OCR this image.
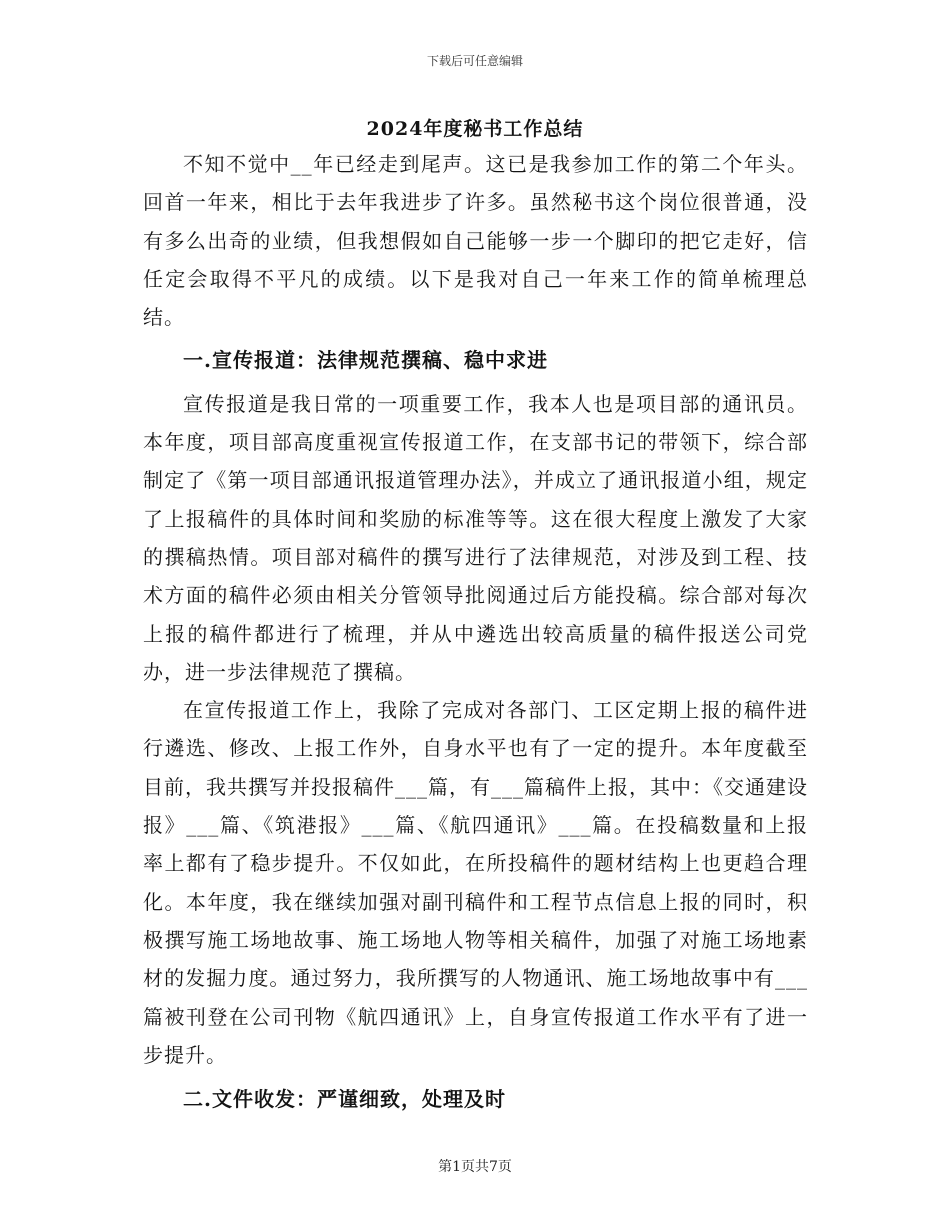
下载后可任意编辑
2024年度秘书工作总结

不知不觉中__年已经走到尾声。这已是我参加工作的第二个年头。回首一年来，相比于去年我进步了许多。虽然秘书这个岗位很普通，没有多么出奇的业绩，但我想假如自己能够一步一个脚印的把它走好，信任定会取得不平凡的成绩。以下是我对自己一年来工作的简单梳理总结。

一.宣传报道：法律规范撰稿、稳中求进

宣传报道是我日常的一项重要工作，我本人也是项目部的通讯员。本年度，项目部高度重视宣传报道工作，在支部书记的带领下，综合部制定了《第一项目部通讯报道管理办法》，并成立了通讯报道小组，规定了上报稿件的具体时间和奖励的标准等等。这在很大程度上激发了大家的撰稿热情。项目部对稿件的撰写进行了法律规范，对涉及到工程、技术方面的稿件必须由相关分管领导批阅通过后方能投稿。综合部对每次上报的稿件都进行了梳理，并从中遴选出较高质量的稿件报送公司党办，进一步法律规范了撰稿。

在宣传报道工作上，我除了完成对各部门、工区定期上报的稿件进行遴选、修改、上报工作外，自身水平也有了一定的提升。本年度截至目前，我共撰写并投报稿件___篇，有___篇稿件上报，其中：《交通建设报》___篇、《筑港报》___篇、《航四通讯》___篇。在投稿数量和上报率上都有了稳步提升。不仅如此，在所投稿件的题材结构上也更趋合理化。本年度，我在继续加强对副刊稿件和工程节点信息上报的同时，积极撰写施工场地故事、施工场地人物等相关稿件，加强了对施工场地素材的发掘力度。通过努力，我所撰写的人物通讯、施工场地故事中有___篇被刊登在公司刊物《航四通讯》上，自身宣传报道工作水平有了进一步提升。

二.文件收发：严谨细致，处理及时
第1页共7页
